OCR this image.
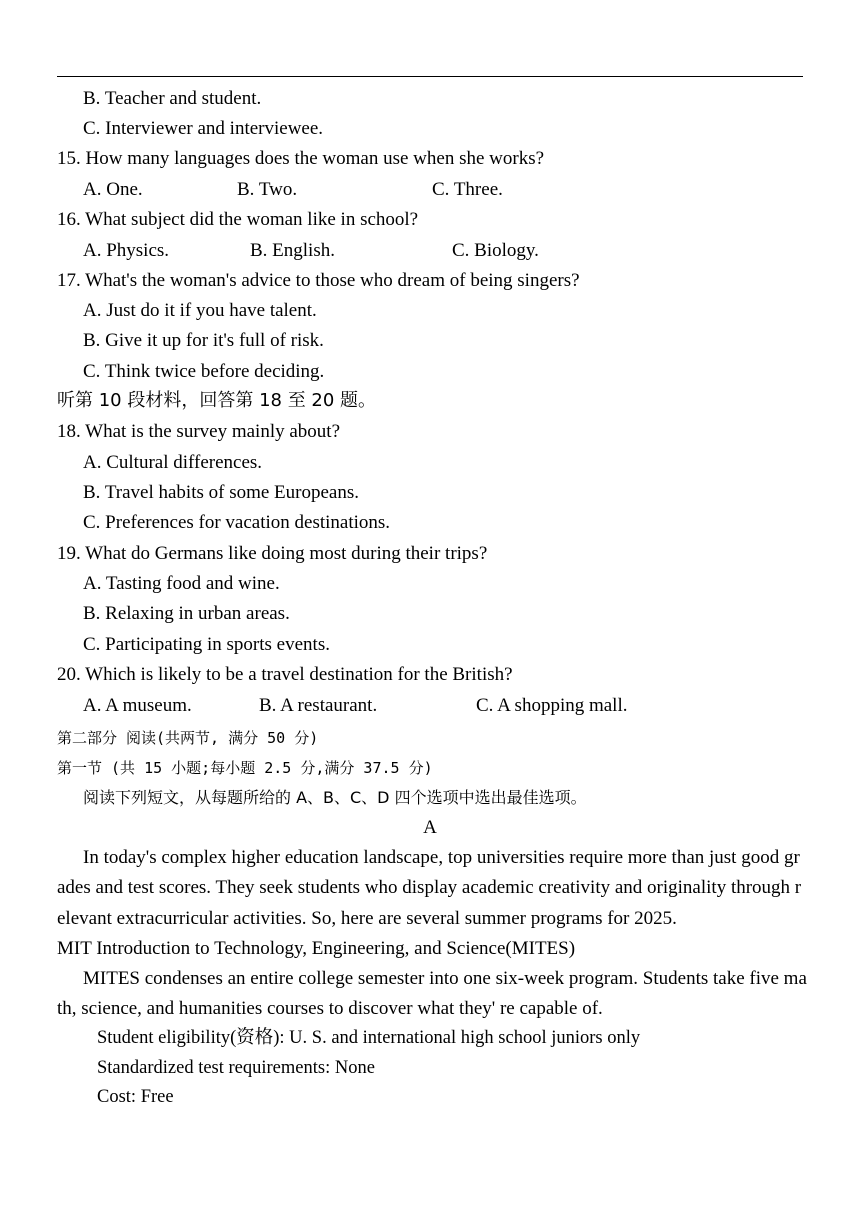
B. Teacher and student.
C. Interviewer and interviewee.
15. How many languages does the woman use when she works?
A. One.	B. Two.	C. Three.
16. What subject did the woman like in school?
A. Physics.	B. English.	C. Biology.
17. What's the woman's advice to those who dream of being singers?
A. Just do it if you have talent.
B. Give it up for it's full of risk.
C. Think twice before deciding.
听第 10 段材料，回答第 18 至 20 题。
18. What is the survey mainly about?
A. Cultural differences.
B. Travel habits of some Europeans.
C. Preferences for vacation destinations.
19. What do Germans like doing most during their trips?
A. Tasting food and wine.
B. Relaxing in urban areas.
C. Participating in sports events.
20. Which is likely to be a travel destination for the British?
A. A museum.	B. A restaurant.	C. A shopping mall.
第二部分 阅读(共两节, 满分 50 分)
第一节 (共 15 小题;每小题 2.5 分,满分 37.5 分)
阅读下列短文，从每题所给的 A、B、C、D 四个选项中选出最佳选项。
A
In today's complex higher education landscape, top universities require more than just good grades and test scores. They seek students who display academic creativity and originality through relevant extracurricular activities. So, here are several summer programs for 2025.
MIT Introduction to Technology, Engineering, and Science(MITES)
MITES condenses an entire college semester into one six-week program. Students take five math, science, and humanities courses to discover what they' re capable of.
Student eligibility(资格): U. S. and international high school juniors only
Standardized test requirements: None
Cost: Free
